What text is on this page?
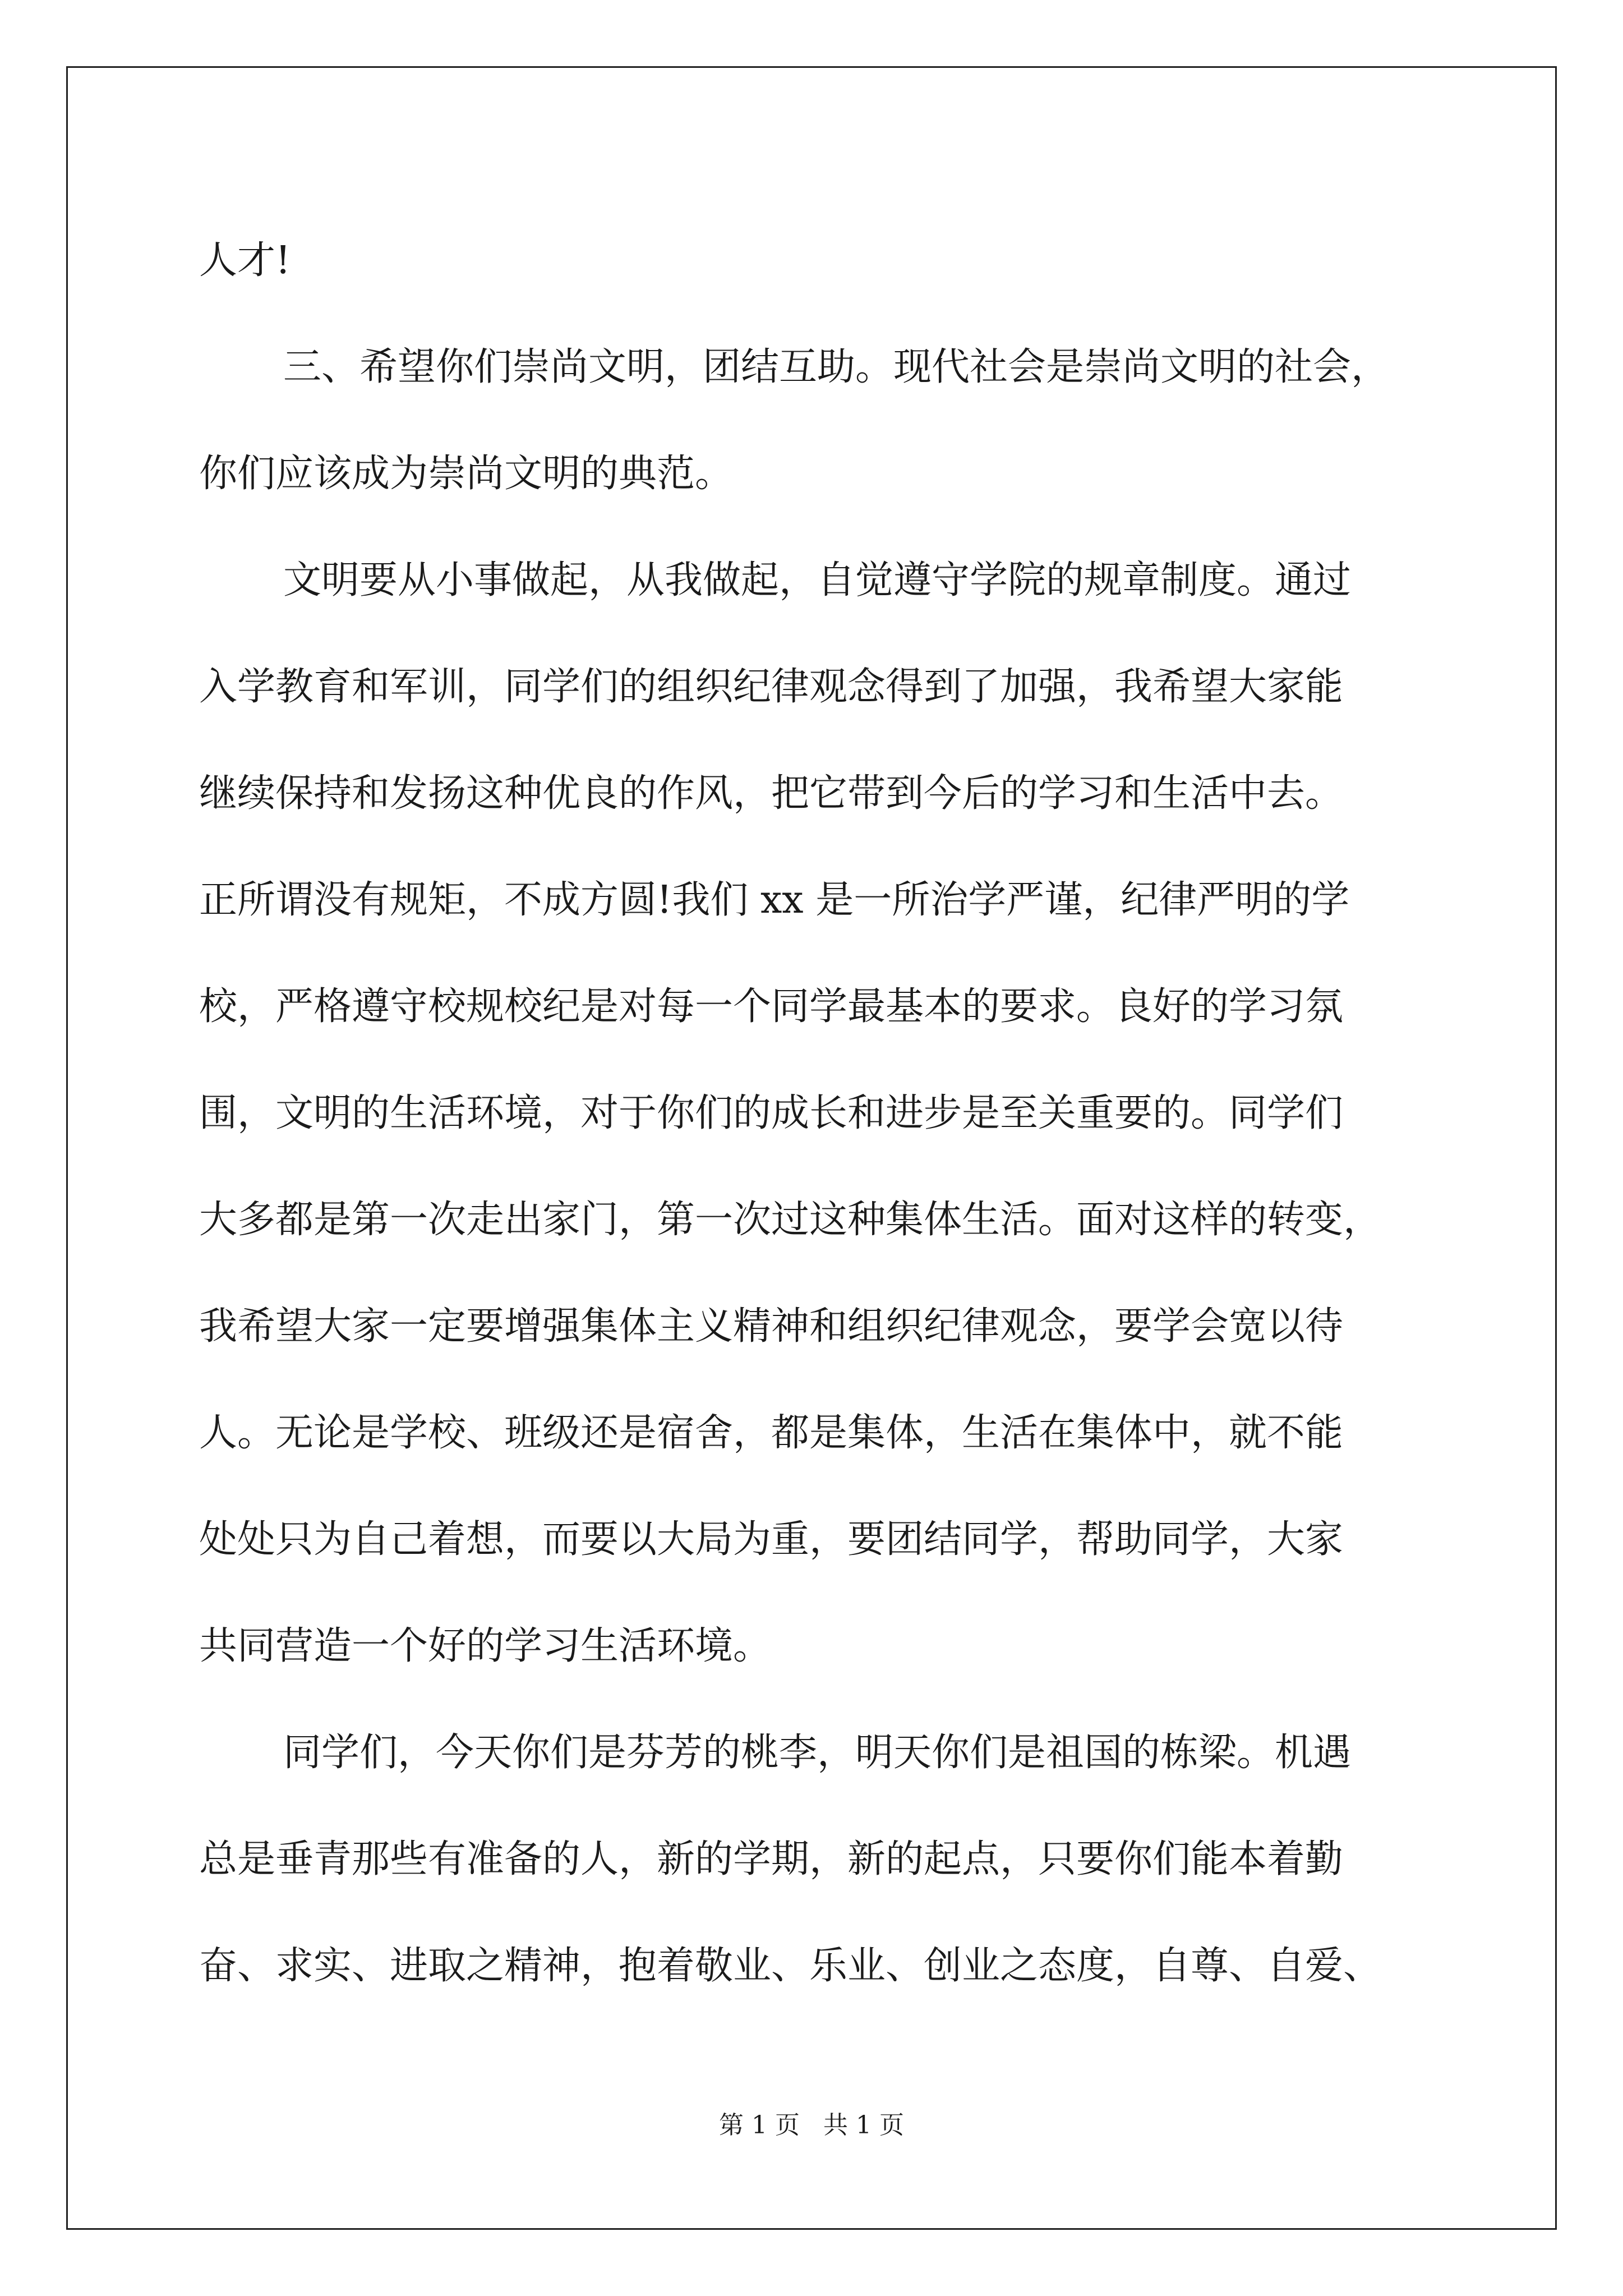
人才!
三、希望你们崇尚文明，团结互助。现代社会是崇尚文明的社会，
你们应该成为崇尚文明的典范。
文明要从小事做起，从我做起，自觉遵守学院的规章制度。通过
入学教育和军训，同学们的组织纪律观念得到了加强，我希望大家能
继续保持和发扬这种优良的作风，把它带到今后的学习和生活中去。
正所谓没有规矩，不成方圆!我们 xx 是一所治学严谨，纪律严明的学
校，严格遵守校规校纪是对每一个同学最基本的要求。良好的学习氛
围，文明的生活环境，对于你们的成长和进步是至关重要的。同学们
大多都是第一次走出家门，第一次过这种集体生活。面对这样的转变，
我希望大家一定要增强集体主义精神和组织纪律观念，要学会宽以待
人。无论是学校、班级还是宿舍，都是集体，生活在集体中，就不能
处处只为自己着想，而要以大局为重，要团结同学，帮助同学，大家
共同营造一个好的学习生活环境。
同学们，今天你们是芬芳的桃李，明天你们是祖国的栋梁。机遇
总是垂青那些有准备的人，新的学期，新的起点，只要你们能本着勤
奋、求实、进取之精神，抱着敬业、乐业、创业之态度，自尊、自爱、
第 1 页 共 1 页
